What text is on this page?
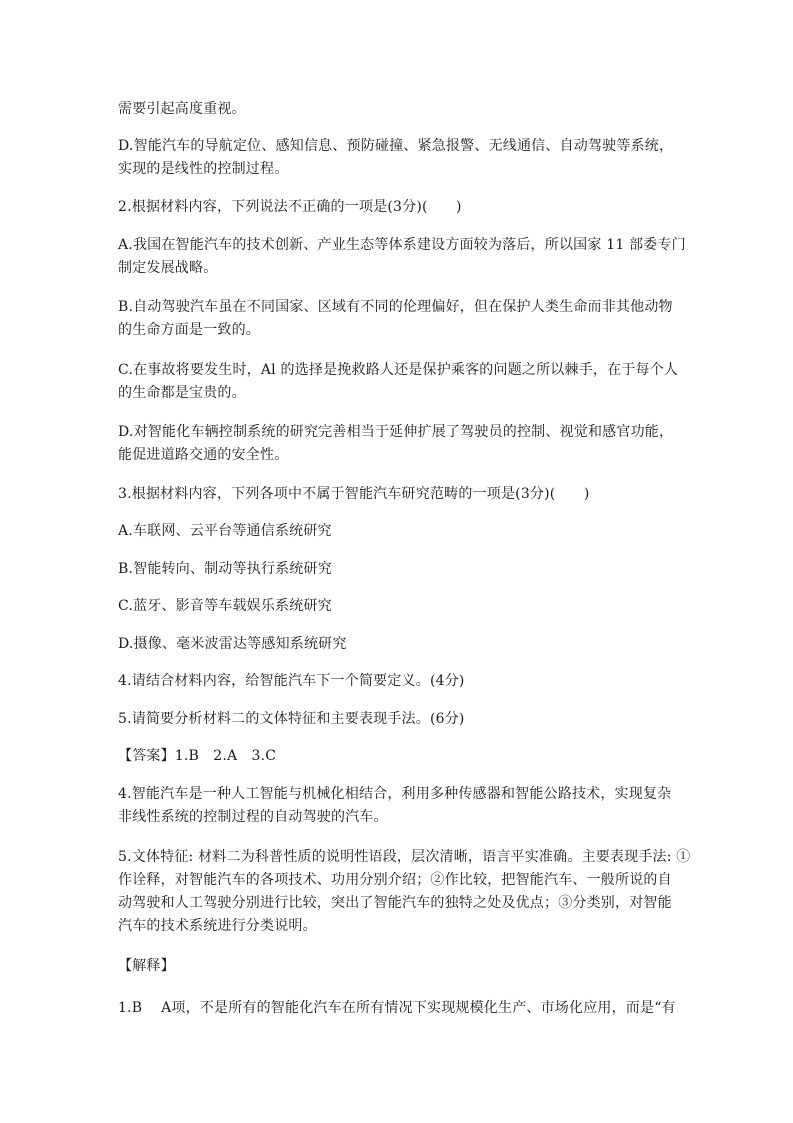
需要引起高度重视。

D.智能汽车的导航定位、感知信息、预防碰撞、紧急报警、无线通信、自动驾驶等系统，
实现的是线性的控制过程。

2.根据材料内容，下列说法不正确的一项是(3分)(　　)

A.我国在智能汽车的技术创新、产业生态等体系建设方面较为落后，所以国家 11 部委专门
制定发展战略。

B.自动驾驶汽车虽在不同国家、区域有不同的伦理偏好，但在保护人类生命而非其他动物
的生命方面是一致的。

C.在事故将要发生时，Al 的选择是挽救路人还是保护乘客的问题之所以棘手，在于每个人
的生命都是宝贵的。

D.对智能化车辆控制系统的研究完善相当于延伸扩展了驾驶员的控制、视觉和感官功能，
能促进道路交通的安全性。

3.根据材料内容，下列各项中不属于智能汽车研究范畴的一项是(3分)(　　)

A.车联网、云平台等通信系统研究

B.智能转向、制动等执行系统研究

C.蓝牙、影音等车载娱乐系统研究

D.摄像、毫米波雷达等感知系统研究

4.请结合材料内容，给智能汽车下一个简要定义。(4分)

5.请简要分析材料二的文体特征和主要表现手法。(6分)

【答案】1.B　2.A　3.C

4.智能汽车是一种人工智能与机械化相结合，利用多种传感器和智能公路技术，实现复杂
非线性系统的控制过程的自动驾驶的汽车。

5.文体特征: 材料二为科普性质的说明性语段，层次清晰，语言平实准确。主要表现手法: ①
作诠释，对智能汽车的各项技术、功用分别介绍；②作比较，把智能汽车、一般所说的自
动驾驶和人工驾驶分别进行比较，突出了智能汽车的独特之处及优点；③分类别，对智能
汽车的技术系统进行分类说明。

【解释】

1.B　 A项，不是所有的智能化汽车在所有情况下实现规模化生产、市场化应用，而是“有
